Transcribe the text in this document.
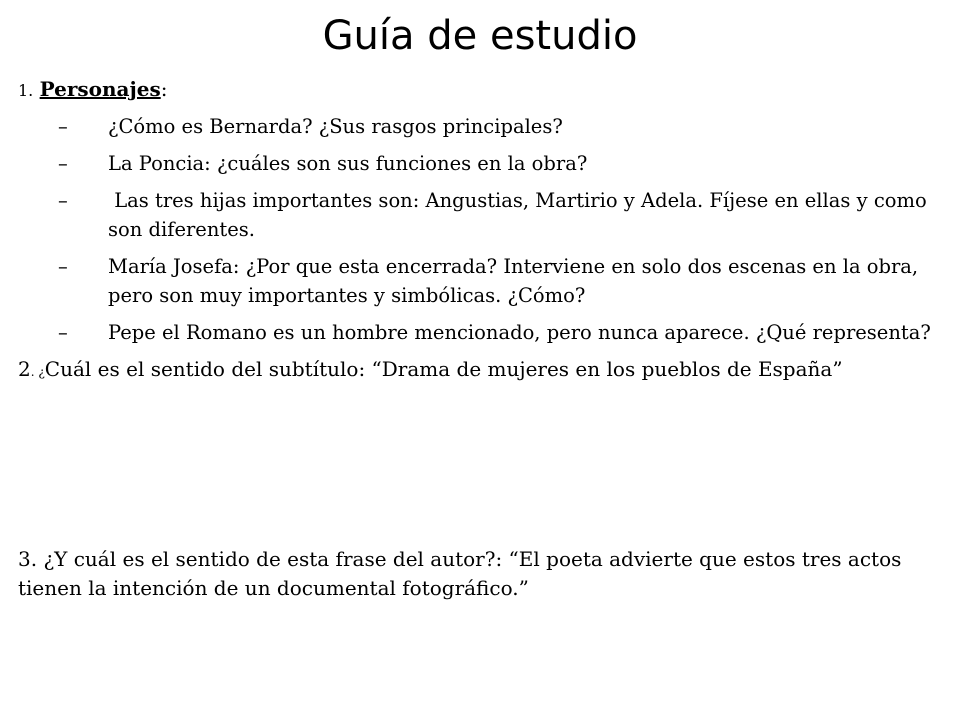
Guía de estudio

1. Personajes:

– ¿Cómo es Bernarda? ¿Sus rasgos principales?
– La Poncia: ¿cuáles son sus funciones en la obra?
– Las tres hijas importantes son: Angustias, Martirio y Adela. Fíjese en ellas y como son diferentes.
– María Josefa: ¿Por que esta encerrada? Interviene en solo dos escenas en la obra, pero son muy importantes y simbólicas. ¿Cómo?
– Pepe el Romano es un hombre mencionado, pero nunca aparece. ¿Qué representa?

2. ¿Cuál es el sentido del subtítulo: “Drama de mujeres en los pueblos de España”

3. ¿Y cuál es el sentido de esta frase del autor?: “El poeta advierte que estos tres actos tienen la intención de un documental fotográfico.”
